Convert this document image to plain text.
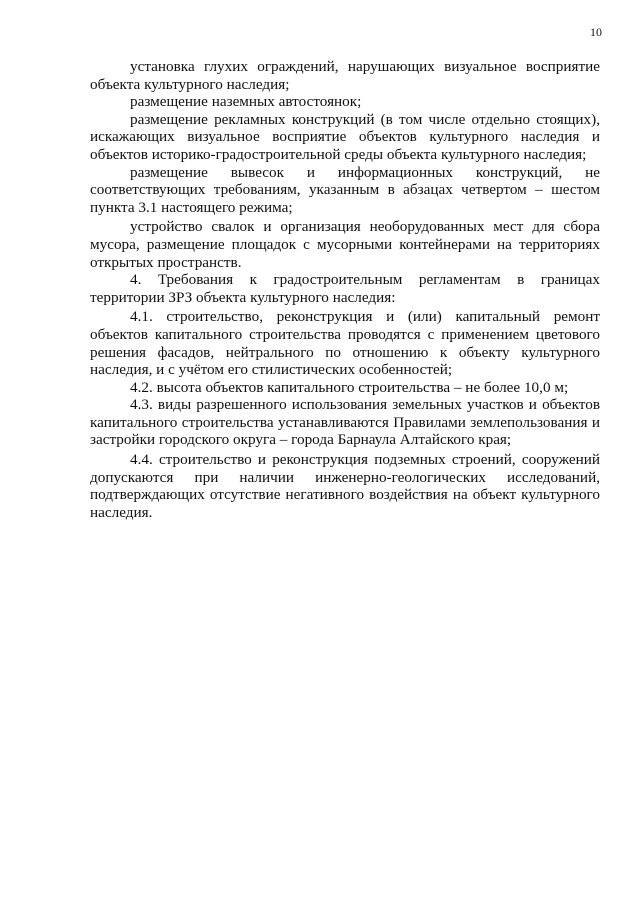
10

установка глухих ограждений, нарушающих визуальное восприятие объекта культурного наследия;

размещение наземных автостоянок;

размещение рекламных конструкций (в том числе отдельно стоящих), искажающих визуальное восприятие объектов культурного наследия и объектов историко-градостроительной среды объекта культурного наследия;

размещение вывесок и информационных конструкций, не соответствующих требованиям, указанным в абзацах четвертом – шестом пункта 3.1 настоящего режима;

устройство свалок и организация необорудованных мест для сбора мусора, размещение площадок с мусорными контейнерами на территориях открытых пространств.

4. Требования к градостроительным регламентам в границах территории ЗРЗ объекта культурного наследия:

4.1. строительство, реконструкция и (или) капитальный ремонт объектов капитального строительства проводятся с применением цветового решения фасадов, нейтрального по отношению к объекту культурного наследия, и с учётом его стилистических особенностей;

4.2. высота объектов капитального строительства – не более 10,0 м;

4.3. виды разрешенного использования земельных участков и объектов капитального строительства устанавливаются Правилами землепользования и застройки городского округа – города Барнаула Алтайского края;

4.4. строительство и реконструкция подземных строений, сооружений допускаются при наличии инженерно-геологических исследований, подтверждающих отсутствие негативного воздействия на объект культурного наследия.
